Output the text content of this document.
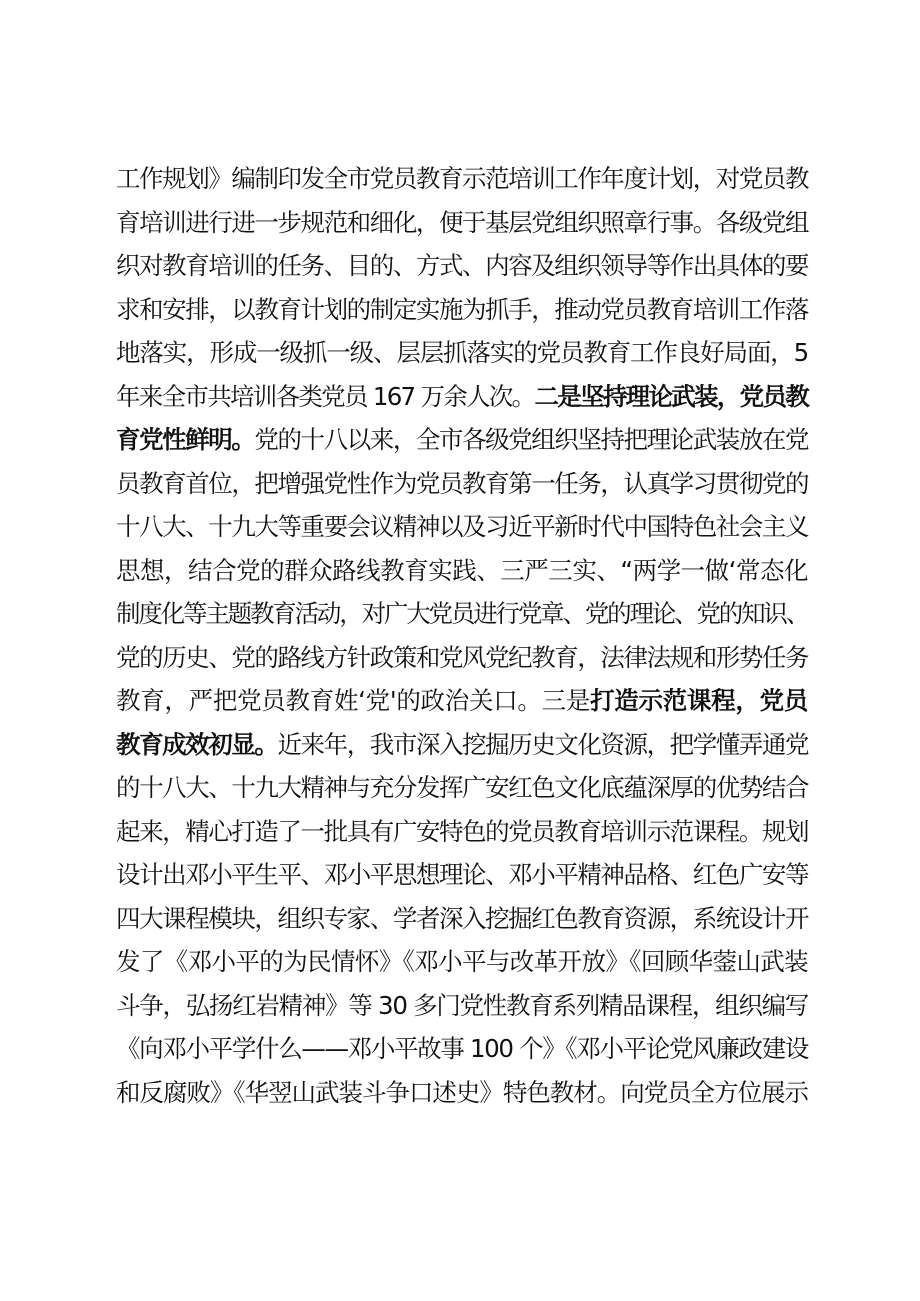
工作规划》编制印发全市党员教育示范培训工作年度计划，对党员教
育培训进行进一步规范和细化，便于基层党组织照章行事。各级党组
织对教育培训的任务、目的、方式、内容及组织领导等作出具体的要
求和安排，以教育计划的制定实施为抓手，推动党员教育培训工作落
地落实，形成一级抓一级、层层抓落实的党员教育工作良好局面，5
年来全市共培训各类党员 167 万余人次。二是坚持理论武装，党员教
育党性鲜明。党的十八以来，全市各级党组织坚持把理论武装放在党
员教育首位，把增强党性作为党员教育第一任务，认真学习贯彻党的
十八大、十九大等重要会议精神以及习近平新时代中国特色社会主义
思想，结合党的群众路线教育实践、三严三实、“两学一做‘常态化
制度化等主题教育活动，对广大党员进行党章、党的理论、党的知识、
党的历史、党的路线方针政策和党风党纪教育，法律法规和形势任务
教育，严把党员教育姓‘党'的政治关口。三是打造示范课程，党员
教育成效初显。近来年，我市深入挖掘历史文化资源，把学懂弄通党
的十八大、十九大精神与充分发挥广安红色文化底蕴深厚的优势结合
起来，精心打造了一批具有广安特色的党员教育培训示范课程。规划
设计出邓小平生平、邓小平思想理论、邓小平精神品格、红色广安等
四大课程模块，组织专家、学者深入挖掘红色教育资源，系统设计开
发了《邓小平的为民情怀》《邓小平与改革开放》《回顾华蓥山武装
斗争，弘扬红岩精神》等 30 多门党性教育系列精品课程，组织编写
《向邓小平学什么——邓小平故事 100 个》《邓小平论党风廉政建设
和反腐败》《华翌山武装斗争口述史》特色教材。向党员全方位展示
